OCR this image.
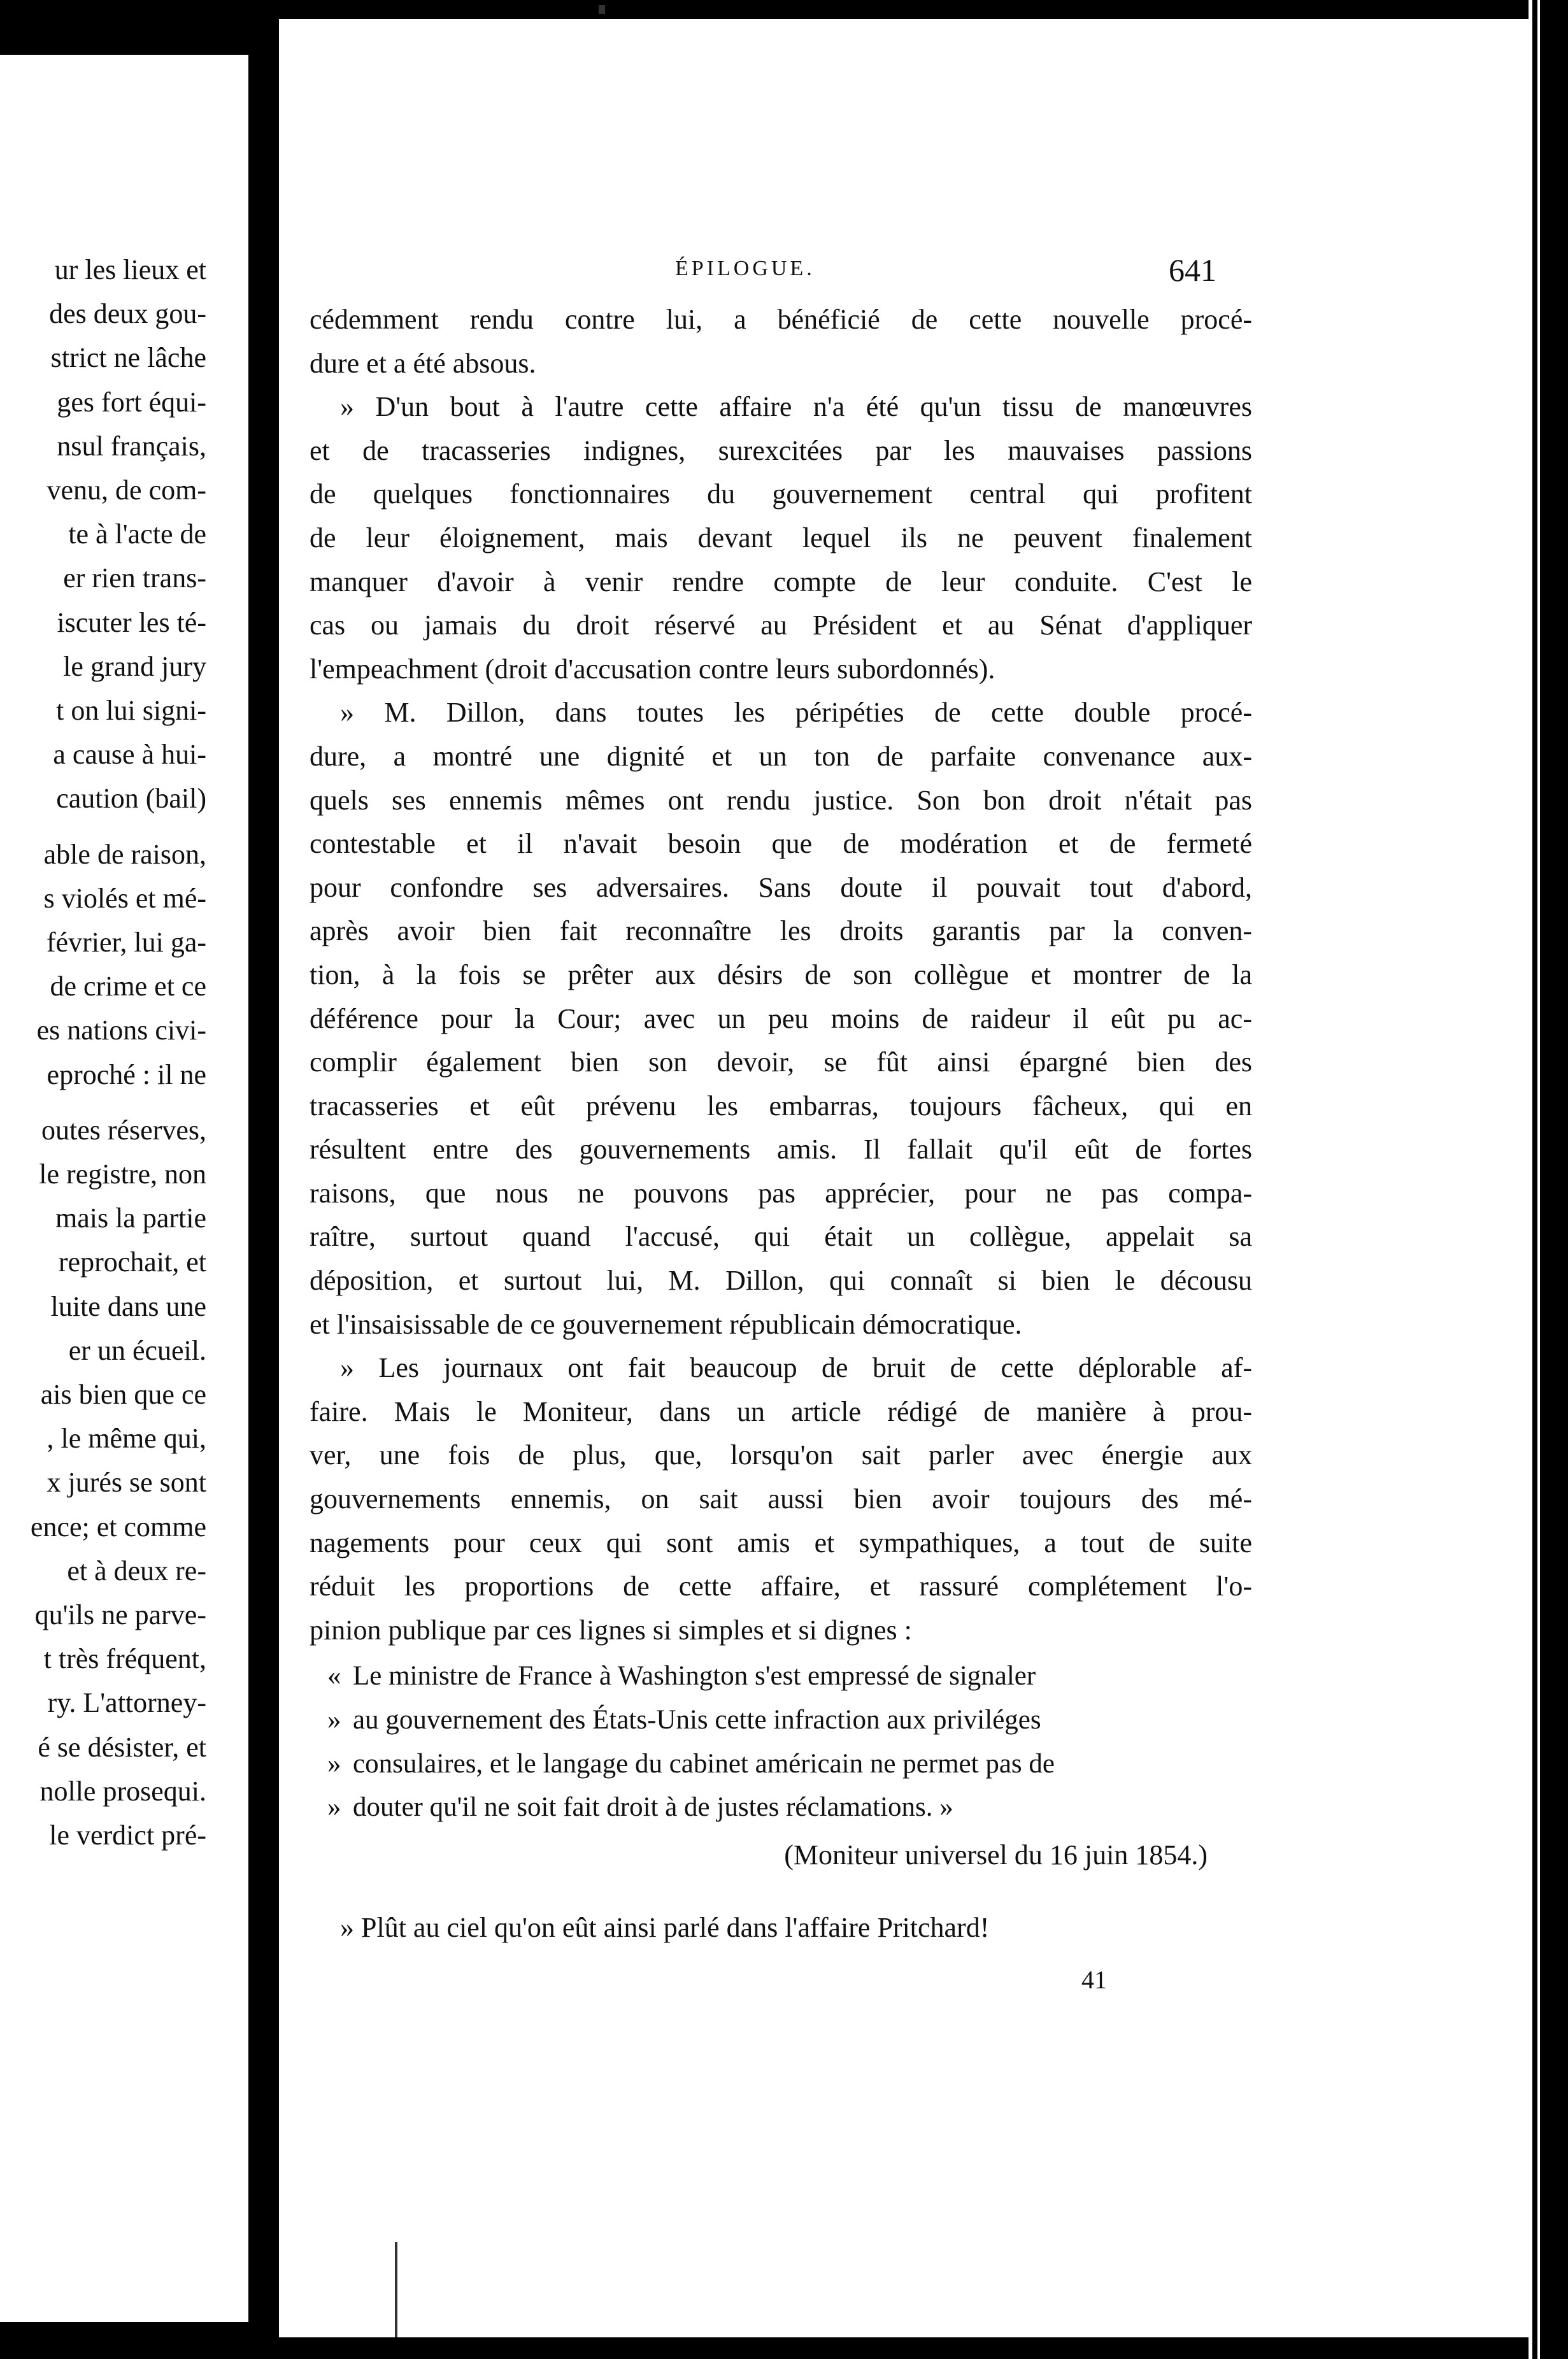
ur les lieux et
des deux gou-
strict ne lâche
ges fort équi-
nsul français,
venu, de com-
te à l'acte de
er rien trans-
iscuter les té-
le grand jury
t on lui signi-
a cause à hui-
caution (bail)
able de raison,
s violés et mé-
février, lui ga-
de crime et ce
es nations civi-
eproché : il ne
outes réserves,
le registre, non
mais la partie
reprochait, et
luite dans une
er un écueil.
ais bien que ce
, le même qui,
x jurés se sont
ence; et comme
et à deux re-
qu'ils ne parve-
t très fréquent,
ry. L'attorney-
é se désister, et
nolle prosequi.
le verdict pré-
ÉPILOGUE.	641
cédemment rendu contre lui, a bénéficié de cette nouvelle procé-
dure et a été absous.
» D'un bout à l'autre cette affaire n'a été qu'un tissu de manœuvres
et de tracasseries indignes, surexcitées par les mauvaises passions
de quelques fonctionnaires du gouvernement central qui profitent
de leur éloignement, mais devant lequel ils ne peuvent finalement
manquer d'avoir à venir rendre compte de leur conduite. C'est le
cas ou jamais du droit réservé au Président et au Sénat d'appliquer
l'empeachment (droit d'accusation contre leurs subordonnés).
» M. Dillon, dans toutes les péripéties de cette double procé-
dure, a montré une dignité et un ton de parfaite convenance aux-
quels ses ennemis mêmes ont rendu justice. Son bon droit n'était pas
contestable et il n'avait besoin que de modération et de fermeté
pour confondre ses adversaires. Sans doute il pouvait tout d'abord,
après avoir bien fait reconnaître les droits garantis par la conven-
tion, à la fois se prêter aux désirs de son collègue et montrer de la
déférence pour la Cour; avec un peu moins de raideur il eût pu ac-
complir également bien son devoir, se fût ainsi épargné bien des
tracasseries et eût prévenu les embarras, toujours fâcheux, qui en
résultent entre des gouvernements amis. Il fallait qu'il eût de fortes
raisons, que nous ne pouvons pas apprécier, pour ne pas compa-
raître, surtout quand l'accusé, qui était un collègue, appelait sa
déposition, et surtout lui, M. Dillon, qui connaît si bien le décousu
et l'insaisissable de ce gouvernement républicain démocratique.
» Les journaux ont fait beaucoup de bruit de cette déplorable af-
faire. Mais le Moniteur, dans un article rédigé de manière à prou-
ver, une fois de plus, que, lorsqu'on sait parler avec énergie aux
gouvernements ennemis, on sait aussi bien avoir toujours des mé-
nagements pour ceux qui sont amis et sympathiques, a tout de suite
réduit les proportions de cette affaire, et rassuré complétement l'o-
pinion publique par ces lignes si simples et si dignes :
« Le ministre de France à Washington s'est empressé de signaler
» au gouvernement des États-Unis cette infraction aux priviléges
» consulaires, et le langage du cabinet américain ne permet pas de
» douter qu'il ne soit fait droit à de justes réclamations. »
(Moniteur universel du 16 juin 1854.)
» Plût au ciel qu'on eût ainsi parlé dans l'affaire Pritchard!
41
